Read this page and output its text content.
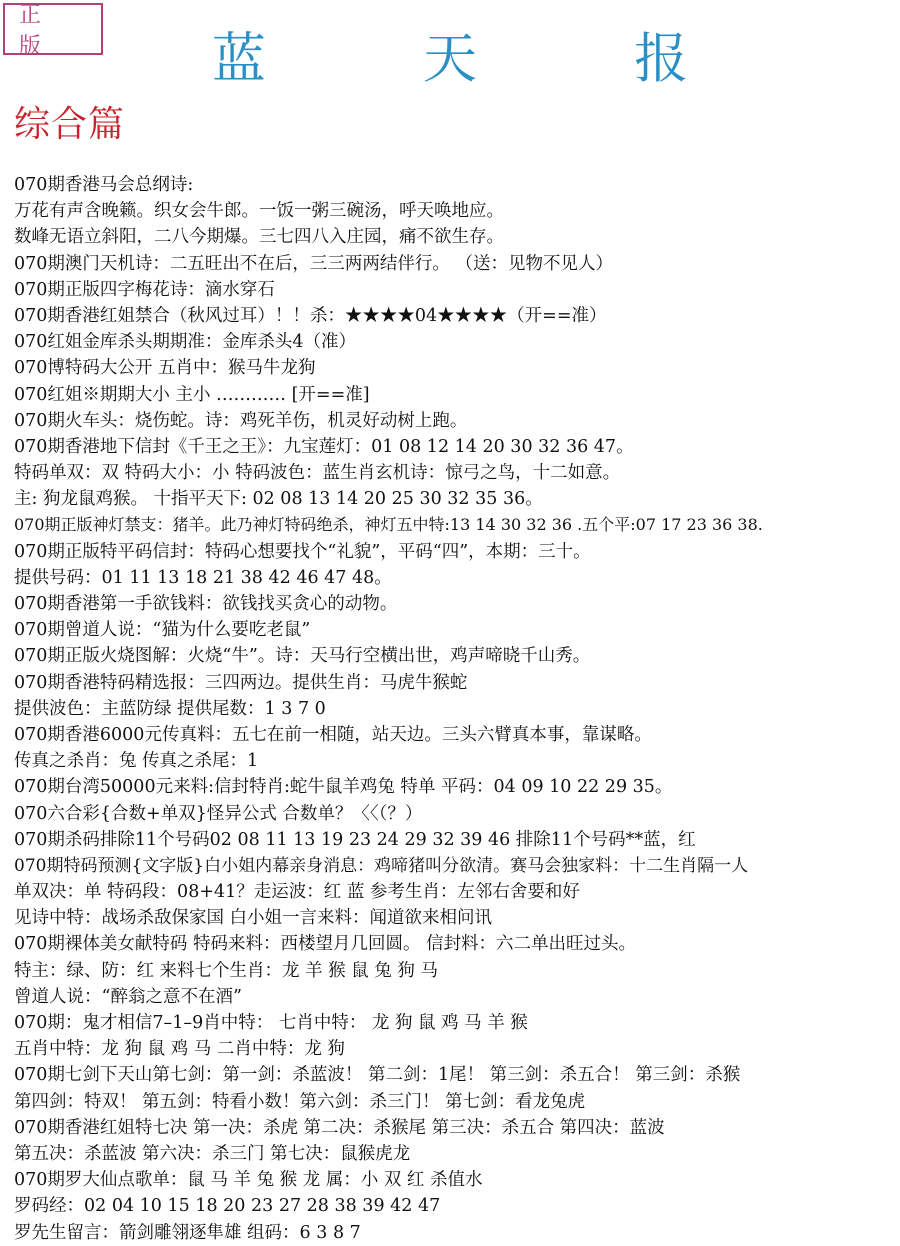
正 版	蓝 天 报
综合篇
070期香港马会总纲诗:
万花有声含晚籁。织女会牛郎。一饭一粥三碗汤，呼天唤地应。
数峰无语立斜阳，二八今期爆。三七四八入庄园，痛不欲生存。
070期澳门天机诗：二五旺出不在后，三三两两结伴行。 （送：见物不见人）
070期正版四字梅花诗：滴水穿石
070期香港红姐禁合（秋风过耳）！！杀：★★★★04★★★★（开==准）
070红姐金库杀头期期准：金库杀头4（准）
070博特码大公开 五肖中：猴马牛龙狗
070红姐※期期大小 主小 ………… [开==准]
070期火车头：烧伤蛇。诗：鸡死羊伤，机灵好动树上跑。
070期香港地下信封《千王之王》：九宝莲灯：01 08 12 14 20 30 32 36 47。
特码单双：双 特码大小：小 特码波色：蓝生肖玄机诗：惊弓之鸟，十二如意。
主: 狗龙鼠鸡猴。 十指平天下: 02 08 13 14 20 25 30 32 35 36。
070期正版神灯禁支：猪羊。此乃神灯特码绝杀，神灯五中特:13 14 30 32 36 .五个平:07 17 23 36 38.
070期正版特平码信封：特码心想要找个“礼貌”，平码“四”，本期：三十。
提供号码：01 11 13 18 21 38 42 46 47 48。
070期香港第一手欲钱料：欲钱找买贪心的动物。
070期曾道人说：“猫为什么要吃老鼠”
070期正版火烧图解：火烧“牛”。诗：天马行空横出世，鸡声啼晓千山秀。
070期香港特码精选报：三四两边。提供生肖：马虎牛猴蛇
提供波色：主蓝防绿 提供尾数：1 3 7 0
070期香港6000元传真料：五七在前一相随，站天边。三头六臂真本事，靠谋略。
传真之杀肖：兔 传真之杀尾：1
070期台湾50000元来料:信封特肖:蛇牛鼠羊鸡兔 特单 平码：04 09 10 22 29 35。
070六合彩{合数+单双}怪异公式 合数单？〈〈（？）
070期杀码排除11个号码02 08 11 13 19 23 24 29 32 39 46 排除11个号码**蓝，红
070期特码预测{文字版}白小姐内幕亲身消息：鸡啼猪叫分欲清。赛马会独家料：十二生肖隔一人
单双决：单 特码段：08+41？走运波：红 蓝 参考生肖：左邻右舍要和好
见诗中特：战场杀敌保家国 白小姐一言来料：闻道欲来相问讯
070期裸体美女献特码 特码来料：西楼望月几回圆。 信封料：六二单出旺过头。
特主：绿、防：红 来料七个生肖：龙 羊 猴 鼠 兔 狗 马
曾道人说：“醉翁之意不在酒”
070期：鬼才相信7–1–9肖中特： 七肖中特： 龙 狗 鼠 鸡 马 羊 猴
五肖中特：龙 狗 鼠 鸡 马 二肖中特：龙 狗
070期七剑下天山第七剑：第一剑：杀蓝波！ 第二剑：1尾！ 第三剑：杀五合！ 第三剑：杀猴
第四剑：特双！ 第五剑：特看小数！第六剑：杀三门！ 第七剑：看龙兔虎
070期香港红姐特七决 第一决：杀虎 第二决：杀猴尾 第三决：杀五合 第四决：蓝波
第五决：杀蓝波 第六决：杀三门 第七决：鼠猴虎龙
070期罗大仙点歌单：鼠 马 羊 兔 猴 龙 属：小 双 红 杀值水
罗码经：02 04 10 15 18 20 23 27 28 38 39 42 47
罗先生留言：箭剑雕翎逐隼雄 组码：6 3 8 7
